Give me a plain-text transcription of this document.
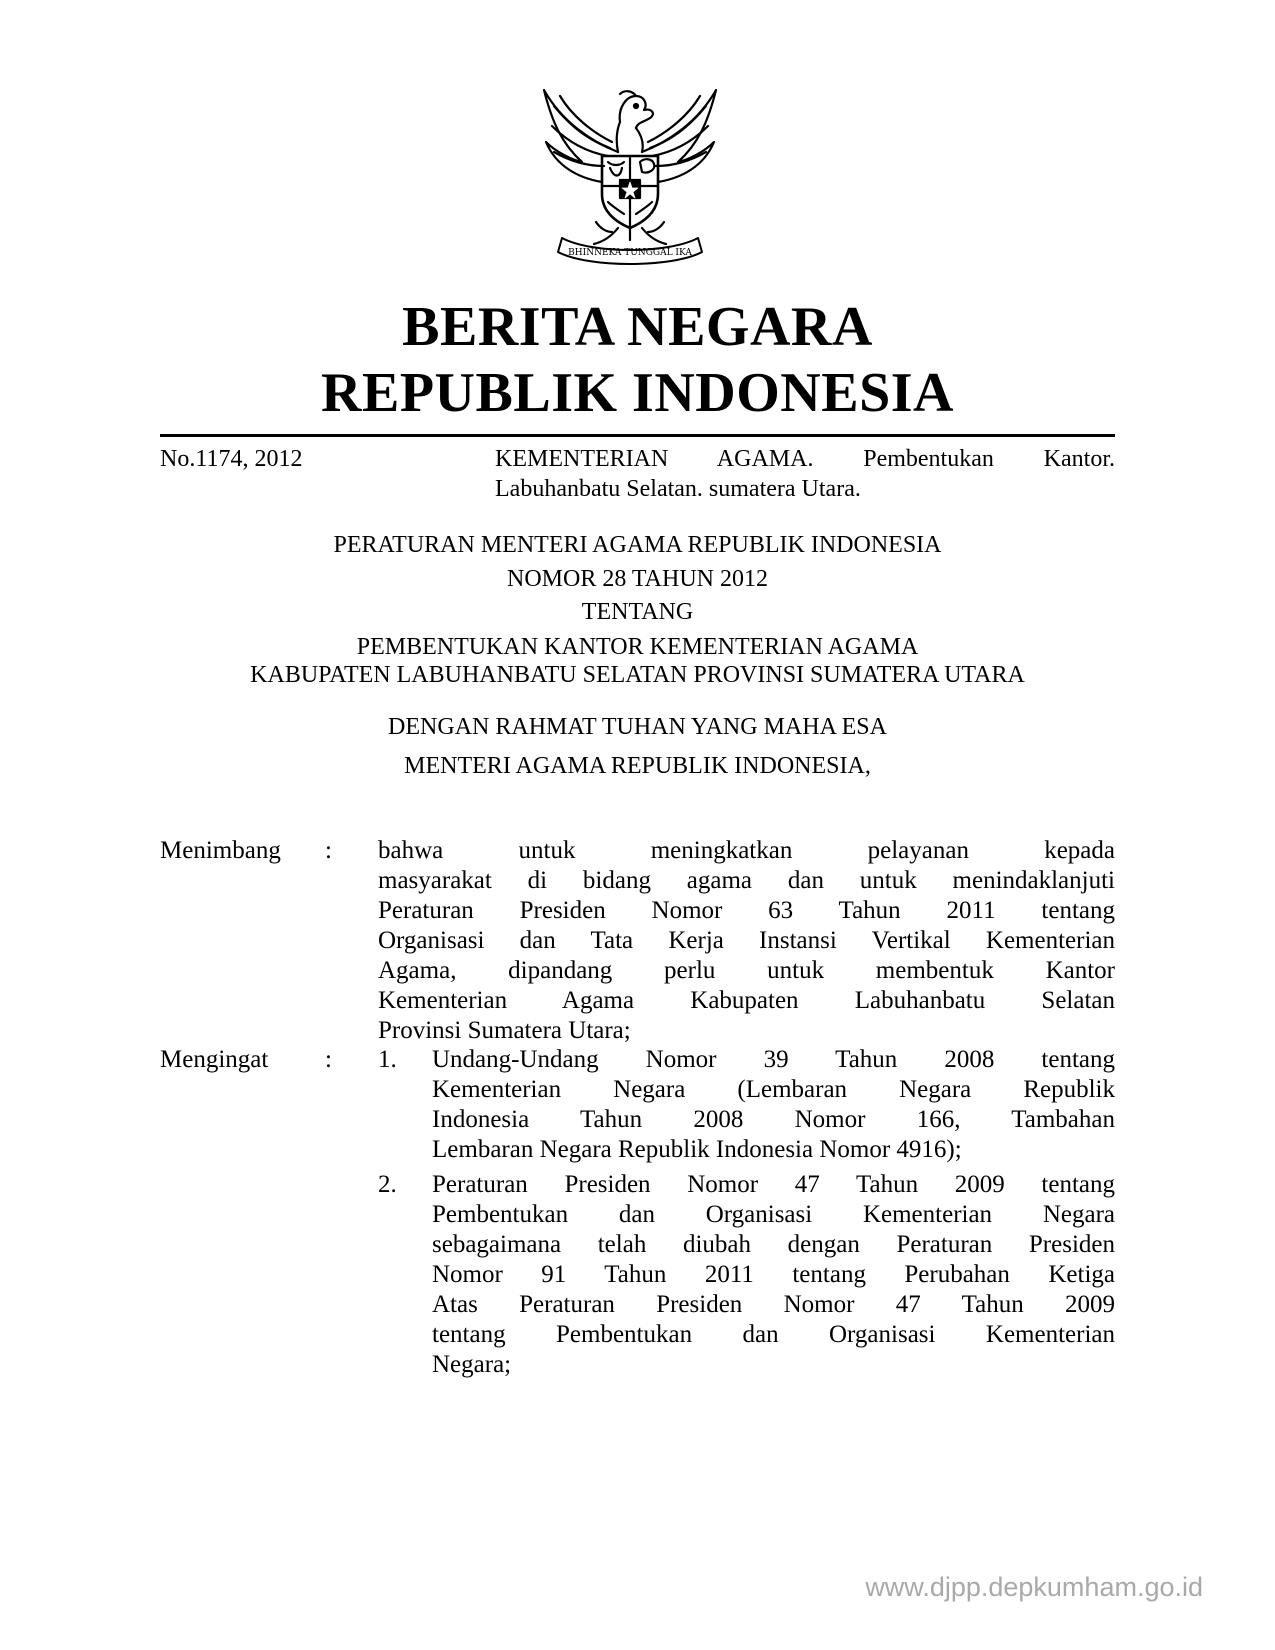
BHINNEKA TUNGGAL IKA
BERITA NEGARA
REPUBLIK INDONESIA
No.1174, 2012	KEMENTERIAN AGAMA. Pembentukan Kantor.
Labuhanbatu Selatan. sumatera Utara.
PERATURAN MENTERI AGAMA REPUBLIK INDONESIA
NOMOR 28 TAHUN 2012
TENTANG
PEMBENTUKAN KANTOR KEMENTERIAN AGAMA
KABUPATEN LABUHANBATU SELATAN PROVINSI SUMATERA UTARA
DENGAN RAHMAT TUHAN YANG MAHA ESA
MENTERI AGAMA REPUBLIK INDONESIA,
Menimbang : bahwa untuk meningkatkan pelayanan kepada
masyarakat di bidang agama dan untuk menindaklanjuti
Peraturan Presiden Nomor 63 Tahun 2011 tentang
Organisasi dan Tata Kerja Instansi Vertikal Kementerian
Agama, dipandang perlu untuk membentuk Kantor
Kementerian Agama Kabupaten Labuhanbatu Selatan
Provinsi Sumatera Utara;
Mengingat : 1. Undang-Undang Nomor 39 Tahun 2008 tentang
Kementerian Negara (Lembaran Negara Republik
Indonesia Tahun 2008 Nomor 166, Tambahan
Lembaran Negara Republik Indonesia Nomor 4916);
2. Peraturan Presiden Nomor 47 Tahun 2009 tentang
Pembentukan dan Organisasi Kementerian Negara
sebagaimana telah diubah dengan Peraturan Presiden
Nomor 91 Tahun 2011 tentang Perubahan Ketiga
Atas Peraturan Presiden Nomor 47 Tahun 2009
tentang Pembentukan dan Organisasi Kementerian
Negara;
www.djpp.depkumham.go.id
